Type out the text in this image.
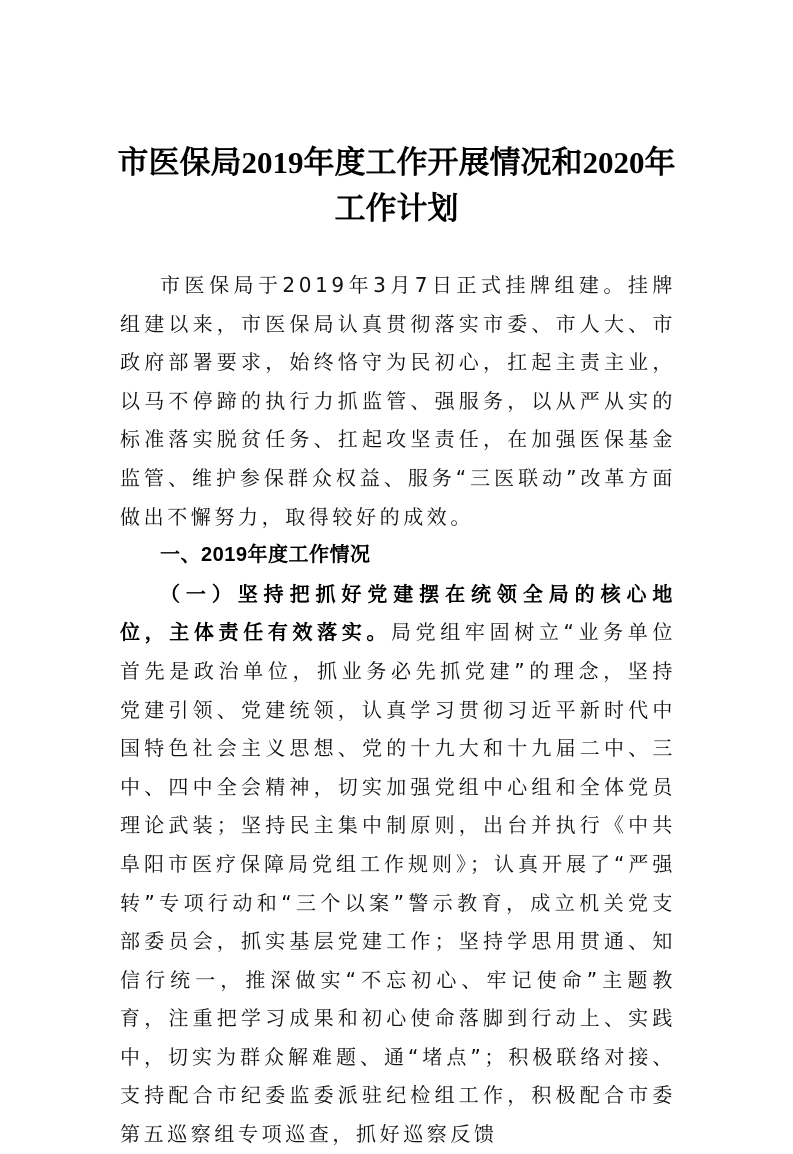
市医保局2019年度工作开展情况和2020年
工作计划

市医保局于2019年3月7日正式挂牌组建。挂牌组建以来，市医保局认真贯彻落实市委、市人大、市政府部署要求，始终恪守为民初心，扛起主责主业，以马不停蹄的执行力抓监管、强服务，以从严从实的标准落实脱贫任务、扛起攻坚责任，在加强医保基金监管、维护参保群众权益、服务“三医联动”改革方面做出不懈努力，取得较好的成效。

一、2019年度工作情况

（一）坚持把抓好党建摆在统领全局的核心地位，主体责任有效落实。局党组牢固树立“业务单位首先是政治单位，抓业务必先抓党建”的理念，坚持党建引领、党建统领，认真学习贯彻习近平新时代中国特色社会主义思想、党的十九大和十九届二中、三中、四中全会精神，切实加强党组中心组和全体党员理论武装；坚持民主集中制原则，出台并执行《中共阜阳市医疗保障局党组工作规则》；认真开展了“严强转”专项行动和“三个以案”警示教育，成立机关党支部委员会，抓实基层党建工作；坚持学思用贯通、知信行统一，推深做实“不忘初心、牢记使命”主题教育，注重把学习成果和初心使命落脚到行动上、实践中，切实为群众解难题、通“堵点”；积极联络对接、支持配合市纪委监委派驻纪检组工作，积极配合市委第五巡察组专项巡查，抓好巡察反馈
